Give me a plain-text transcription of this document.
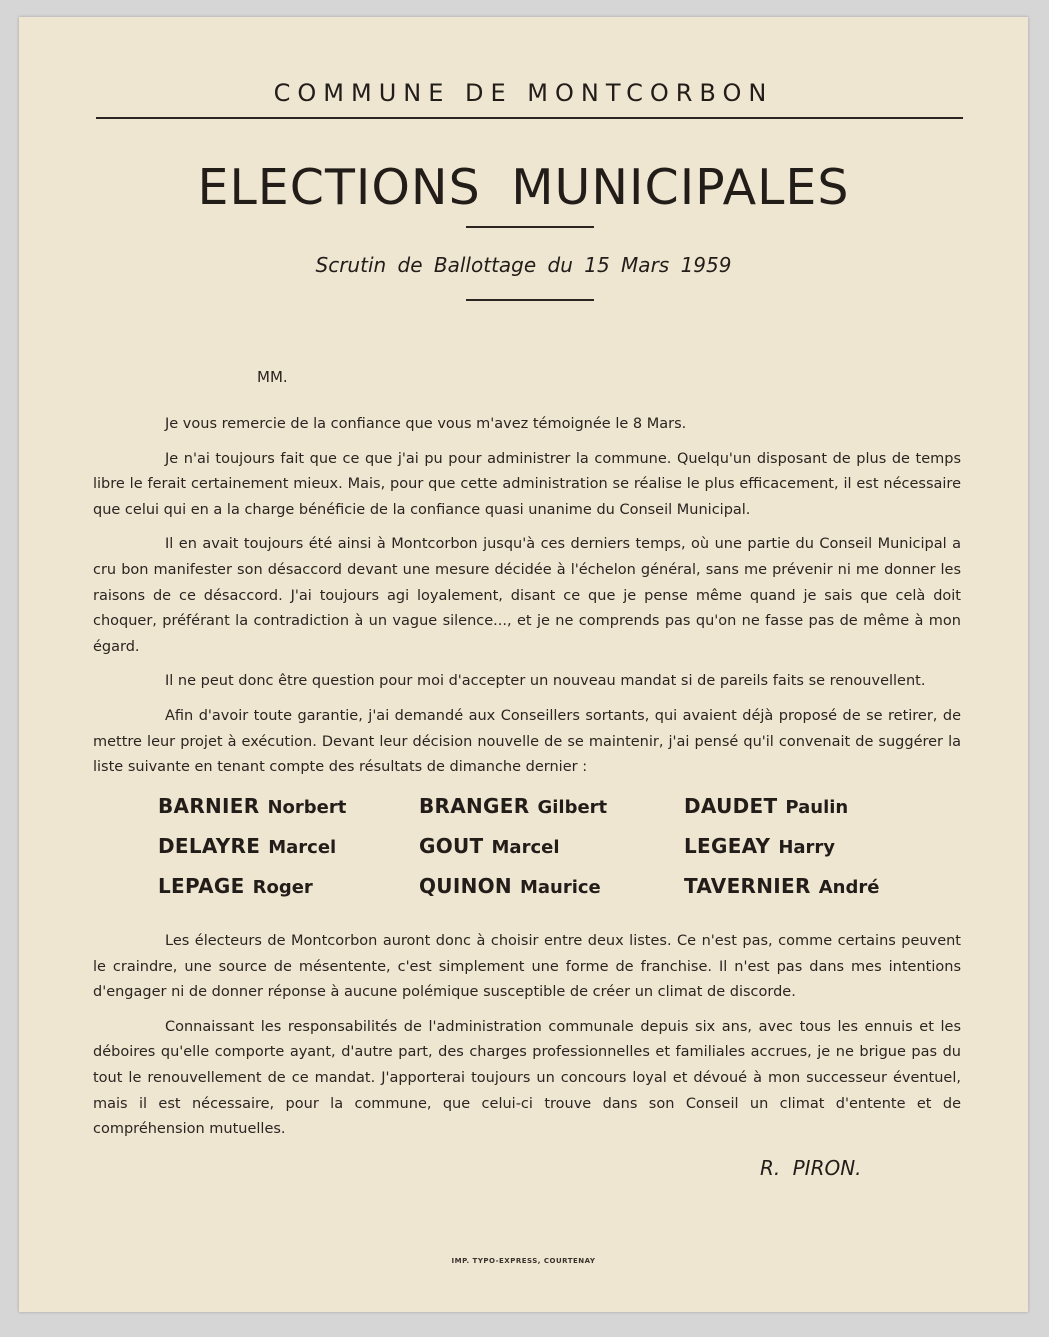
COMMUNE DE MONTCORBON
ELECTIONS MUNICIPALES
Scrutin de Ballottage du 15 Mars 1959
MM.

Je vous remercie de la confiance que vous m'avez témoignée le 8 Mars.

Je n'ai toujours fait que ce que j'ai pu pour administrer la commune. Quelqu'un disposant de plus de temps libre le ferait certainement mieux. Mais, pour que cette administration se réalise le plus efficacement, il est nécessaire que celui qui en a la charge bénéficie de la confiance quasi unanime du Conseil Municipal.

Il en avait toujours été ainsi à Montcorbon jusqu'à ces derniers temps, où une partie du Conseil Municipal a cru bon manifester son désaccord devant une mesure décidée à l'échelon général, sans me prévenir ni me donner les raisons de ce désaccord. J'ai toujours agi loyalement, disant ce que je pense même quand je sais que celà doit choquer, préférant la contradiction à un vague silence..., et je ne comprends pas qu'on ne fasse pas de même à mon égard.

Il ne peut donc être question pour moi d'accepter un nouveau mandat si de pareils faits se renouvellent.

Afin d'avoir toute garantie, j'ai demandé aux Conseillers sortants, qui avaient déjà proposé de se retirer, de mettre leur projet à exécution. Devant leur décision nouvelle de se maintenir, j'ai pensé qu'il convenait de suggérer la liste suivante en tenant compte des résultats de dimanche dernier :

BARNIER Norbert	BRANGER Gilbert	DAUDET Paulin
DELAYRE Marcel	GOUT Marcel	LEGEAY Harry
LEPAGE Roger	QUINON Maurice	TAVERNIER André

Les électeurs de Montcorbon auront donc à choisir entre deux listes. Ce n'est pas, comme certains peuvent le craindre, une source de mésentente, c'est simplement une forme de franchise. Il n'est pas dans mes intentions d'engager ni de donner réponse à aucune polémique susceptible de créer un climat de discorde.

Connaissant les responsabilités de l'administration communale depuis six ans, avec tous les ennuis et les déboires qu'elle comporte ayant, d'autre part, des charges professionnelles et familiales accrues, je ne brigue pas du tout le renouvellement de ce mandat. J'apporterai toujours un concours loyal et dévoué à mon successeur éventuel, mais il est nécessaire, pour la commune, que celui-ci trouve dans son Conseil un climat d'entente et de compréhension mutuelles.

R. PIRON.
IMP. TYPO-EXPRESS, COURTENAY
